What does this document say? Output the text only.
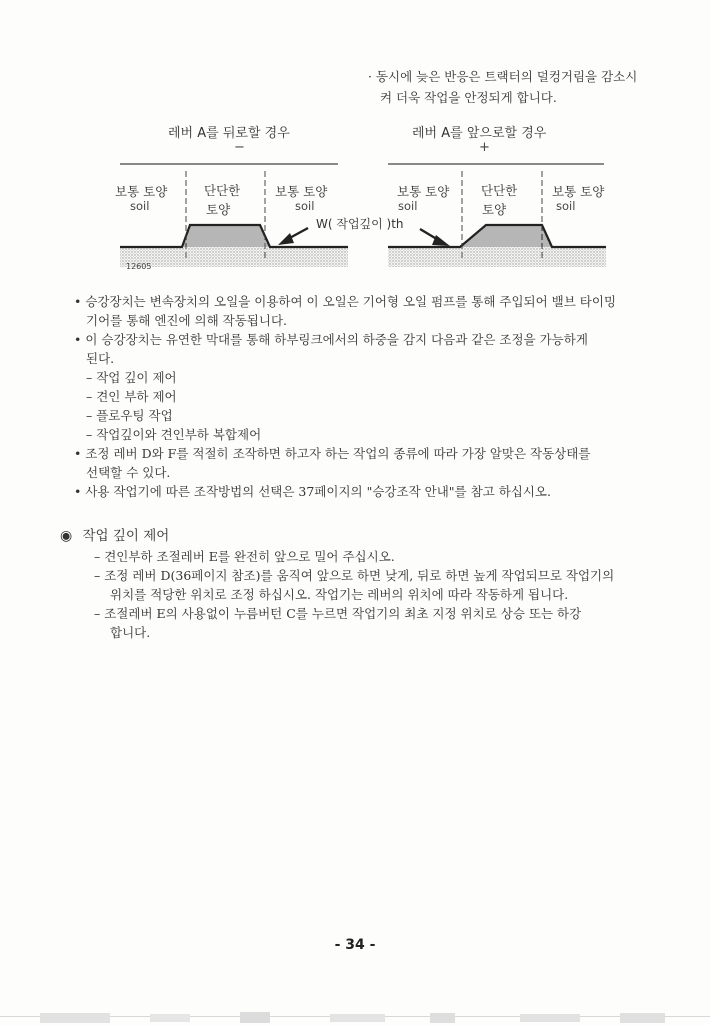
· 동시에 늦은 반응은 트랙터의 덜컹거림을 감소시
켜 더욱 작업을 안정되게 합니다.
레버 A를 뒤로할 경우
−
레버 A를 앞으로할 경우
+
보통 토양
soil
단단한
토양
보통 토양
soil
보통 토양
soil
단단한
토양
보통 토양
soil
W( 작업깊이 )th
12605
• 승강장치는 변속장치의 오일을 이용하여 이 오일은 기어형 오일 펌프를 통해 주입되어 밸브 타이밍
기어를 통해 엔진에 의해 작동됩니다.
• 이 승강장치는 유연한 막대를 통해 하부링크에서의 하중을 감지 다음과 같은 조정을 가능하게
된다.
– 작업 깊이 제어
– 견인 부하 제어
– 플로우팅 작업
– 작업깊이와 견인부하 복합제어
• 조정 레버 D와 F를 적절히 조작하면 하고자 하는 작업의 종류에 따라 가장 알맞은 작동상태를
선택할 수 있다.
• 사용 작업기에 따른 조작방법의 선택은 37페이지의 "승강조작 안내"를 참고 하십시오.
◉ 작업 깊이 제어
– 견인부하 조절레버 E를 완전히 앞으로 밀어 주십시오.
– 조정 레버 D(36페이지 참조)를 움직여 앞으로 하면 낮게, 뒤로 하면 높게 작업되므로 작업기의
위치를 적당한 위치로 조정 하십시오. 작업기는 레버의 위치에 따라 작동하게 됩니다.
– 조절레버 E의 사용없이 누름버턴 C를 누르면 작업기의 최초 지정 위치로 상승 또는 하강
합니다.
- 34 -
